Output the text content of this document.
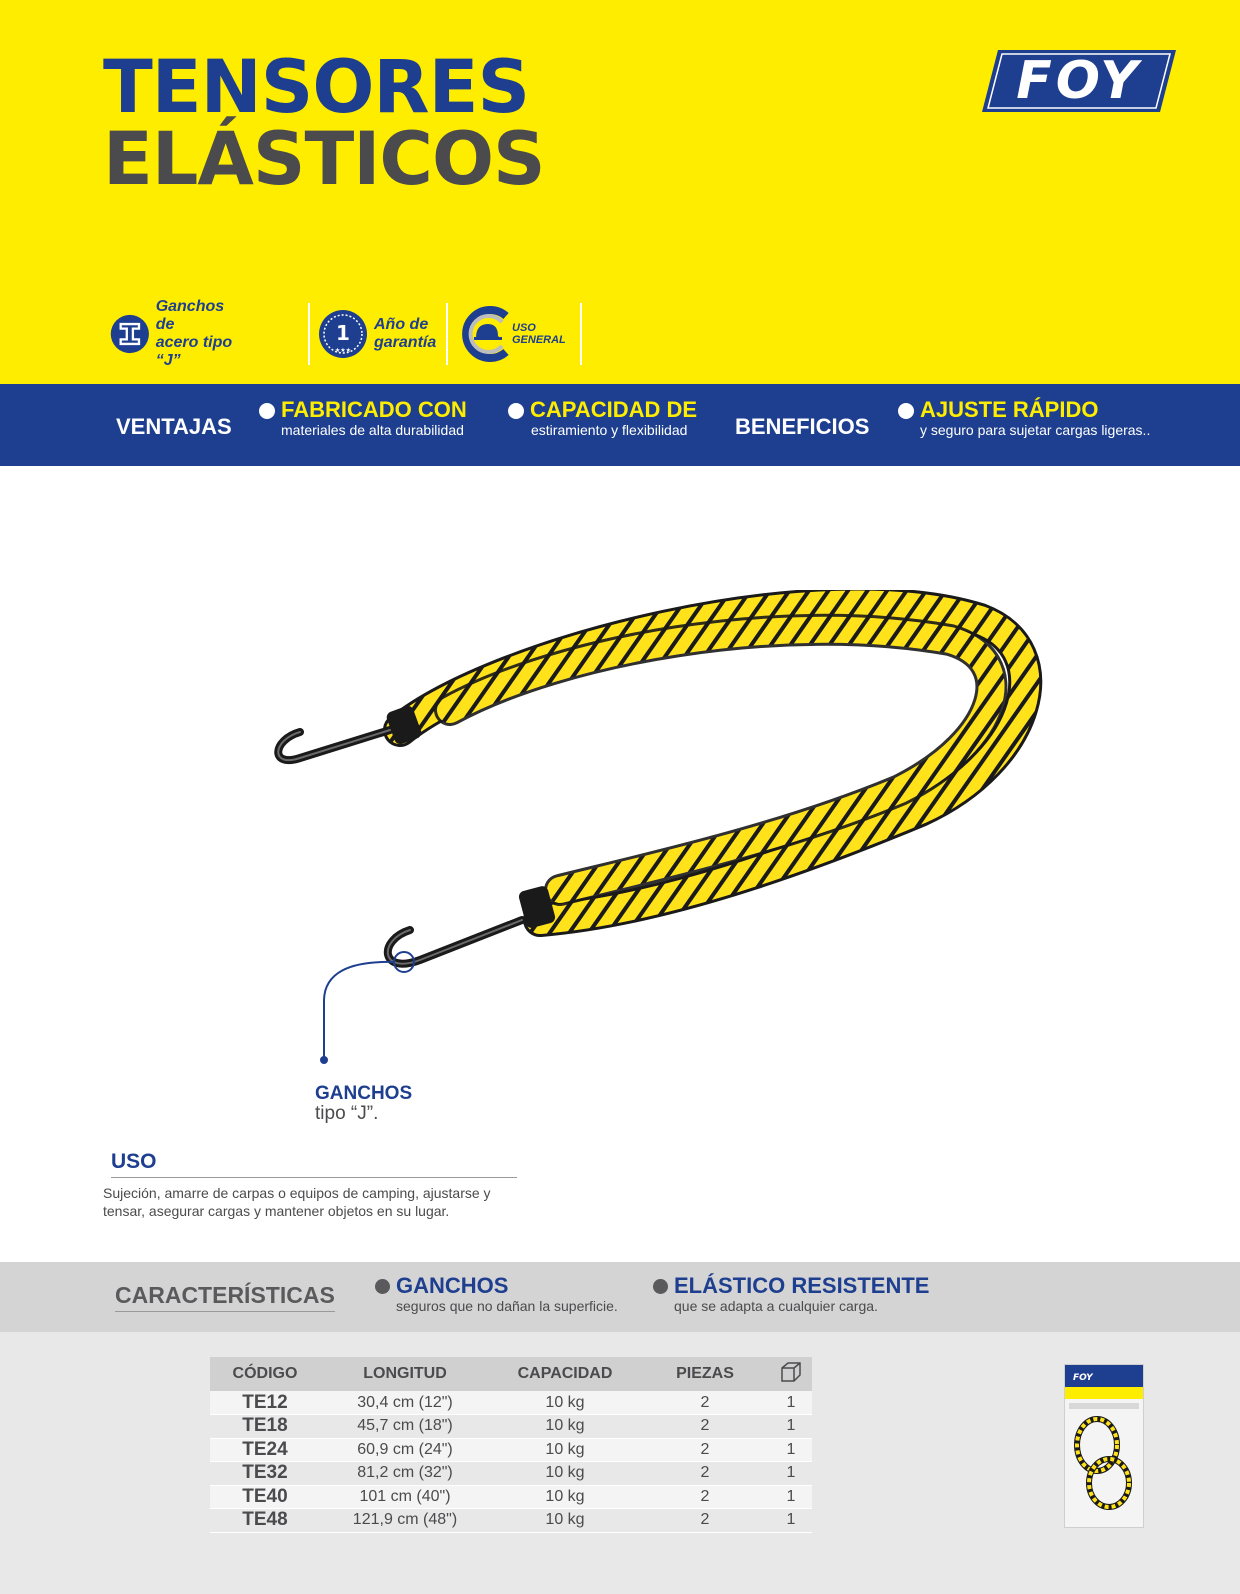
TENSORES
ELÁSTICOS
FOY
Ganchos de
acero tipo “J”
1
★★★
Año de
garantía
USO
GENERAL
VENTAJAS
FABRICADO CON
materiales de alta durabilidad
CAPACIDAD DE
estiramiento y flexibilidad	BENEFICIOS
AJUSTE RÁPIDO
y seguro para sujetar cargas ligeras..
GANCHOS
tipo “J”.
USO
Sujeción, amarre de carpas o equipos de camping, ajustarse y
tensar, asegurar cargas y mantener objetos en su lugar.
CARACTERÍSTICAS	GANCHOS
seguros que no dañan la superficie.
ELÁSTICO RESISTENTE
que se adapta a cualquier carga.
CÓDIGO	LONGITUD	CAPACIDAD	PIEZAS	
TE12	30,4 cm (12")	10 kg	2	1
TE18	45,7 cm (18")	10 kg	2	1
TE24	60,9 cm (24")	10 kg	2	1
TE32	81,2 cm (32")	10 kg	2	1
TE40	101 cm (40")	10 kg	2	1
TE48	121,9 cm (48")	10 kg	2	1
FOY
